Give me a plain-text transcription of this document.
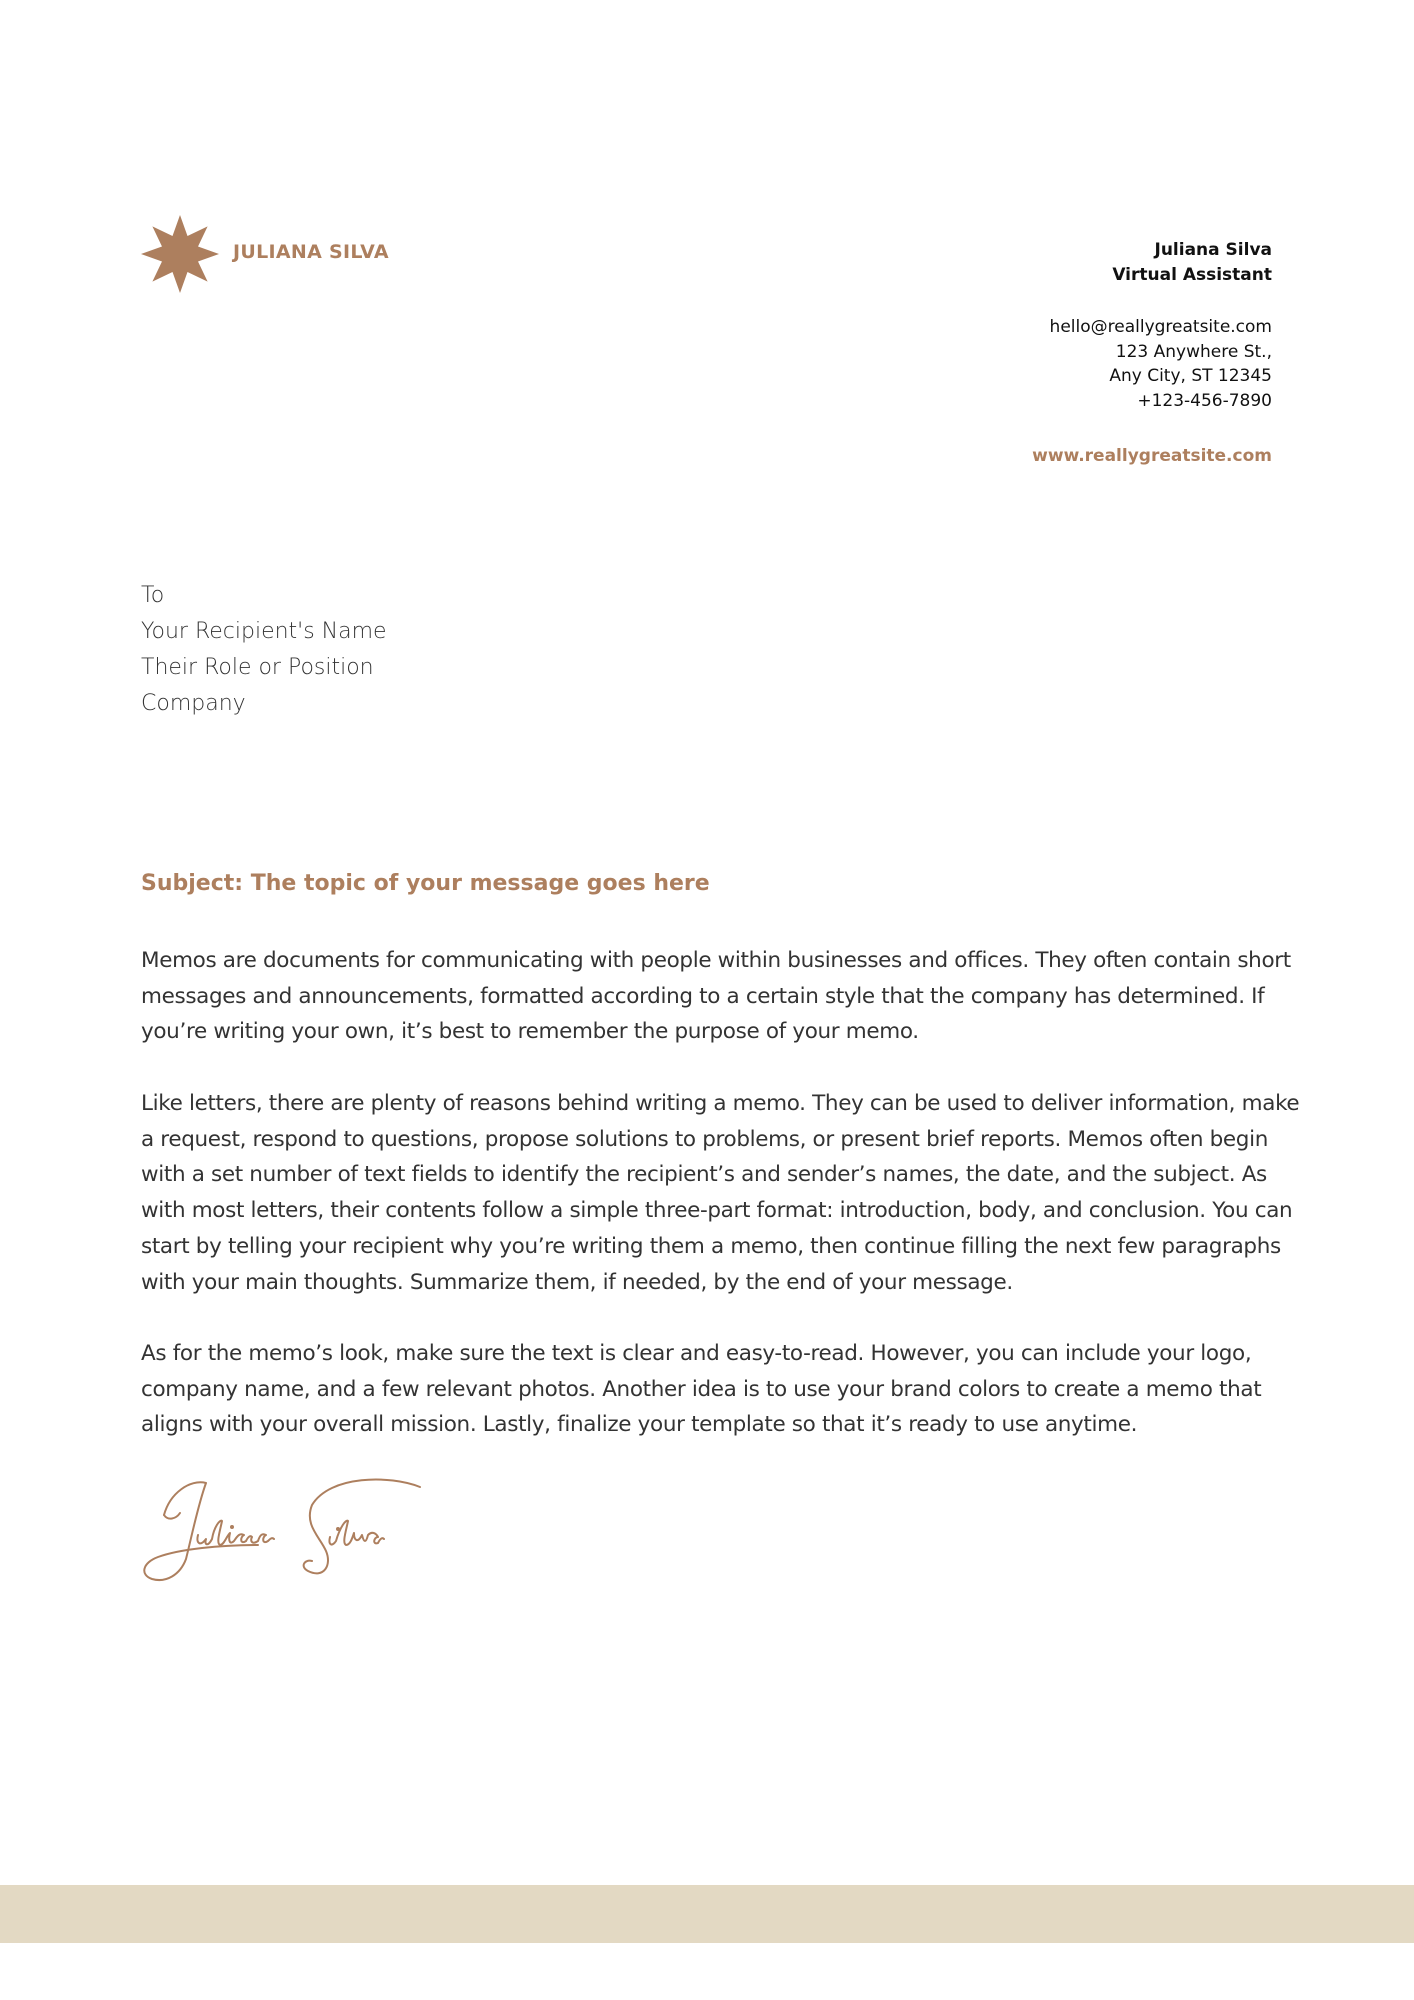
JULIANA SILVA	Juliana Silva
Virtual Assistant
hello@reallygreatsite.com
123 Anywhere St.,
Any City, ST 12345
+123-456-7890
www.reallygreatsite.com
To
Your Recipient's Name
Their Role or Position
Company
Subject: The topic of your message goes here
Memos are documents for communicating with people within businesses and offices. They often contain short
messages and announcements, formatted according to a certain style that the company has determined. If
you’re writing your own, it’s best to remember the purpose of your memo.
Like letters, there are plenty of reasons behind writing a memo. They can be used to deliver information, make
a request, respond to questions, propose solutions to problems, or present brief reports. Memos often begin
with a set number of text fields to identify the recipient’s and sender’s names, the date, and the subject. As
with most letters, their contents follow a simple three-part format: introduction, body, and conclusion. You can
start by telling your recipient why you’re writing them a memo, then continue filling the next few paragraphs
with your main thoughts. Summarize them, if needed, by the end of your message.
As for the memo’s look, make sure the text is clear and easy-to-read. However, you can include your logo,
company name, and a few relevant photos. Another idea is to use your brand colors to create a memo that
aligns with your overall mission. Lastly, finalize your template so that it’s ready to use anytime.
